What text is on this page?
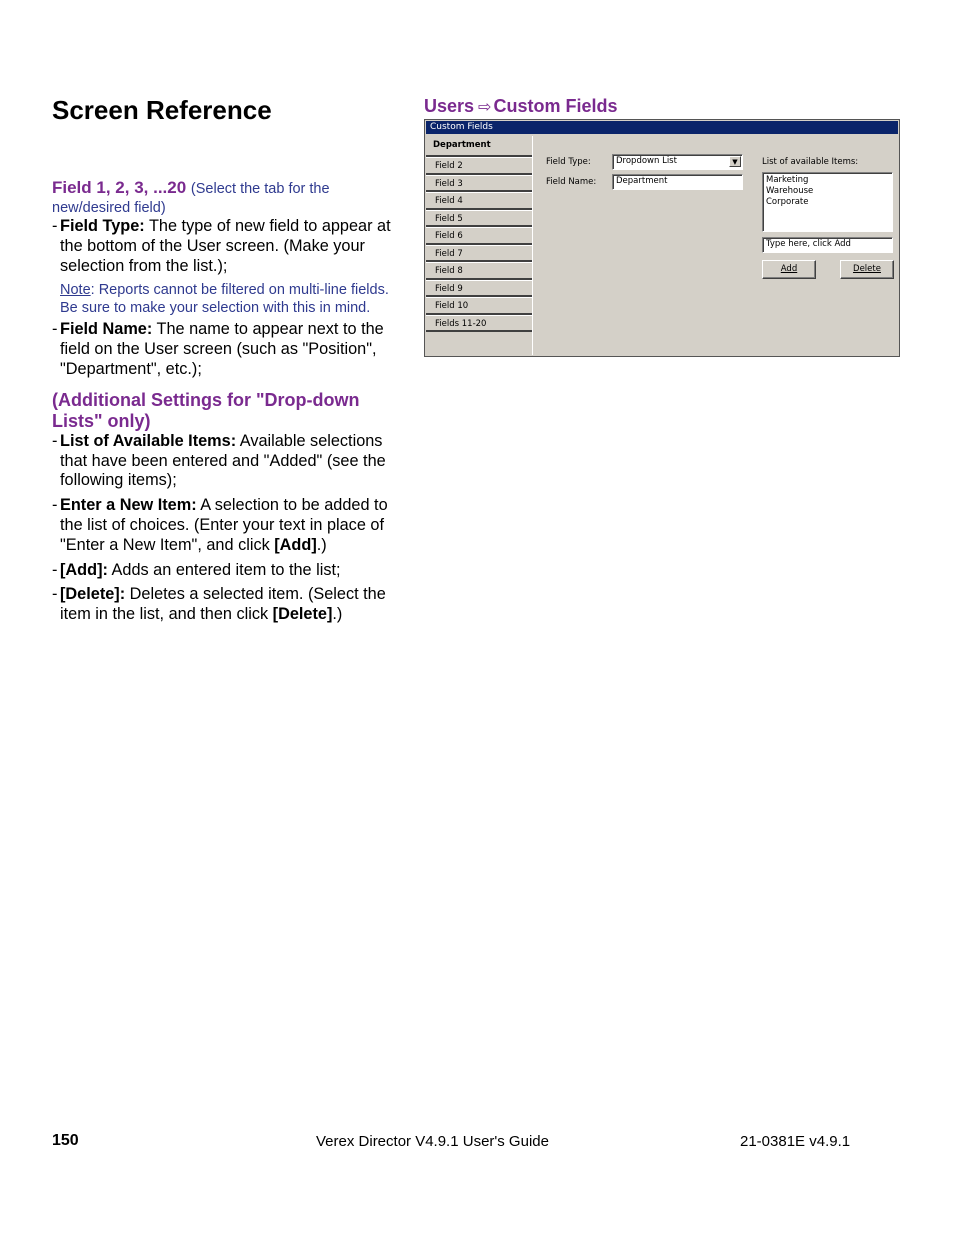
Screen Reference
Field 1, 2, 3, ...20 (Select the tab for the
new/desired field)
- Field Type: The type of new field to appear at the bottom of the User screen. (Make your selection from the list.);
Note: Reports cannot be filtered on multi-line fields. Be sure to make your selection with this in mind.
- Field Name: The name to appear next to the field on the User screen (such as "Position", "Department", etc.);
(Additional Settings for "Drop-down Lists" only)
- List of Available Items: Available selections that have been entered and "Added" (see the following items);
- Enter a New Item: A selection to be added to the list of choices. (Enter your text in place of "Enter a New Item", and click [Add].)
- [Add]: Adds an entered item to the list;
- [Delete]: Deletes a selected item. (Select the item in the list, and then click [Delete].)
Users ⇨ Custom Fields
Custom Fields
Department
Field 2
Field 3
Field 4
Field 5
Field 6
Field 7
Field 8
Field 9
Field 10
Fields 11-20
Field Type:	Dropdown List	▼
Field Name:	Department
List of available Items:
Marketing
Warehouse
Corporate
Type here, click Add
Add	Delete
150	Verex Director V4.9.1 User's Guide	21-0381E v4.9.1
